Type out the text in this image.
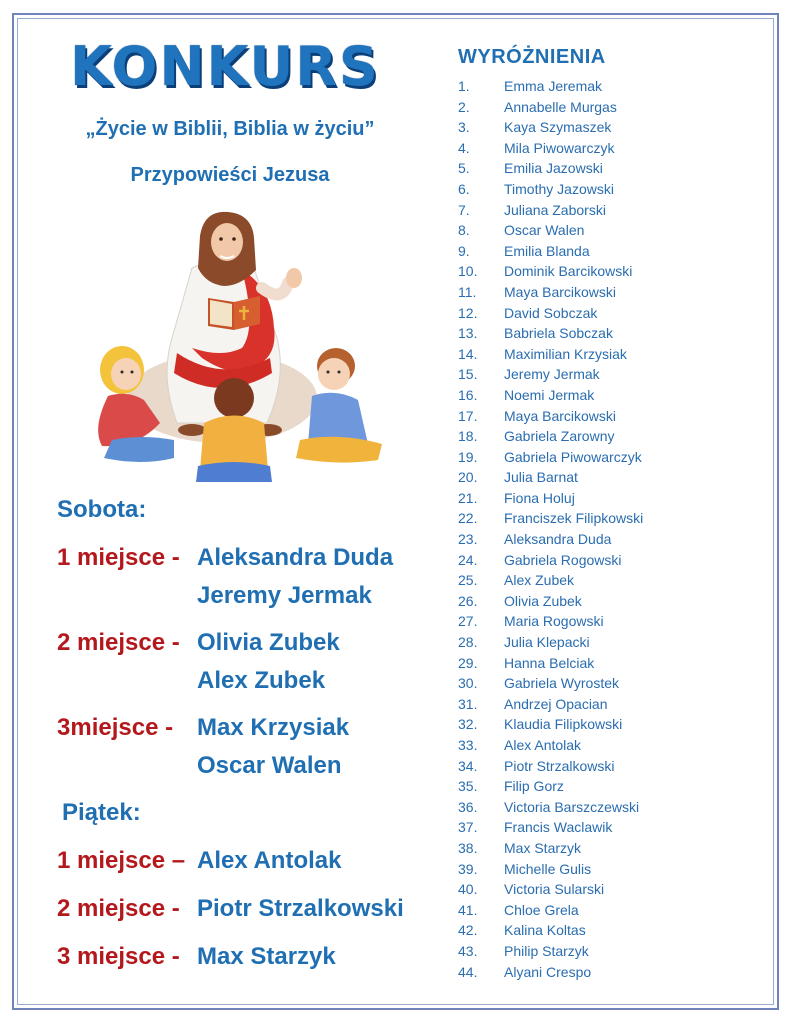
KONKURS

„Życie w Biblii, Biblia w życiu”

Przypowieści Jezusa

Sobota:

1 miejsce - Aleksandra Duda
Jeremy Jermak
2 miejsce - Olivia Zubek
Alex Zubek
3miejsce - Max Krzysiak
Oscar Walen

Piątek:

1 miejsce – Alex Antolak
2 miejsce - Piotr Strzalkowski
3 miejsce - Max Starzyk
WYRÓŻNIENIA
1.	Emma Jeremak
2.	Annabelle Murgas
3.	Kaya Szymaszek
4.	Mila Piwowarczyk
5.	Emilia Jazowski
6.	Timothy Jazowski
7.	Juliana Zaborski
8.	Oscar Walen
9.	Emilia Blanda
10.	Dominik Barcikowski
11.	Maya Barcikowski
12.	David Sobczak
13.	Babriela Sobczak
14.	Maximilian Krzysiak
15.	Jeremy Jermak
16.	Noemi Jermak
17.	Maya Barcikowski
18.	Gabriela Zarowny
19.	Gabriela Piwowarczyk
20.	Julia Barnat
21.	Fiona Holuj
22.	Franciszek Filipkowski
23.	Aleksandra Duda
24.	Gabriela Rogowski
25.	Alex Zubek
26.	Olivia Zubek
27.	Maria Rogowski
28.	Julia Klepacki
29.	Hanna Belciak
30.	Gabriela Wyrostek
31.	Andrzej Opacian
32.	Klaudia Filipkowski
33.	Alex Antolak
34.	Piotr Strzalkowski
35.	Filip Gorz
36.	Victoria Barszczewski
37.	Francis Waclawik
38.	Max Starzyk
39.	Michelle Gulis
40.	Victoria Sularski
41.	Chloe Grela
42.	Kalina Koltas
43.	Philip Starzyk
44.	Alyani Crespo
